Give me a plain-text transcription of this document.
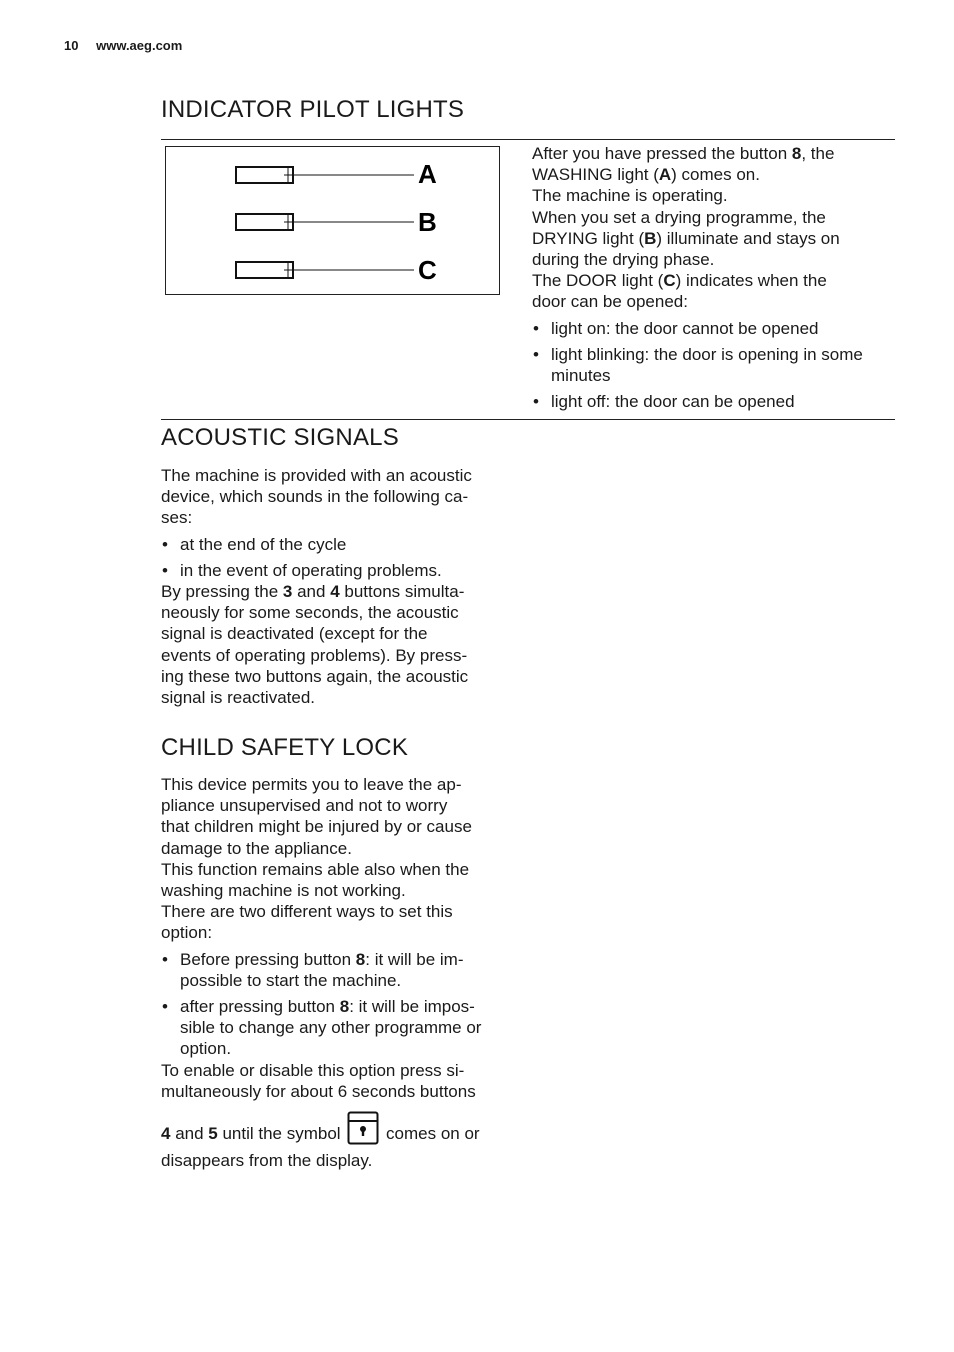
10 www.aeg.com
INDICATOR PILOT LIGHTS
A
B
C

After you have pressed the button 8, the

WASHING light (A) comes on.

The machine is operating.

When you set a drying programme, the

DRYING light (B) illuminate and stays on

during the drying phase.

The DOOR light (C) indicates when the

door can be opened:

• light on: the door cannot be opened
• light blinking: the door is opening in some minutes
• light off: the door can be opened
ACOUSTIC SIGNALS

The machine is provided with an acoustic

device, which sounds in the following ca-

ses:

• at the end of the cycle
• in the event of operating problems.

By pressing the 3 and 4 buttons simulta-

neously for some seconds, the acoustic

signal is deactivated (except for the

events of operating problems). By press-

ing these two buttons again, the acoustic

signal is reactivated.

CHILD SAFETY LOCK

This device permits you to leave the ap-

pliance unsupervised and not to worry

that children might be injured by or cause

damage to the appliance.

This function remains able also when the

washing machine is not working.

There are two different ways to set this

option:

• Before pressing button 8: it will be im-possible to start the machine.
• after pressing button 8: it will be impos-sible to change any other programme or option.

To enable or disable this option press si-

multaneously for about 6 seconds buttons

4 and 5 until the symbol  comes on or

disappears from the display.
